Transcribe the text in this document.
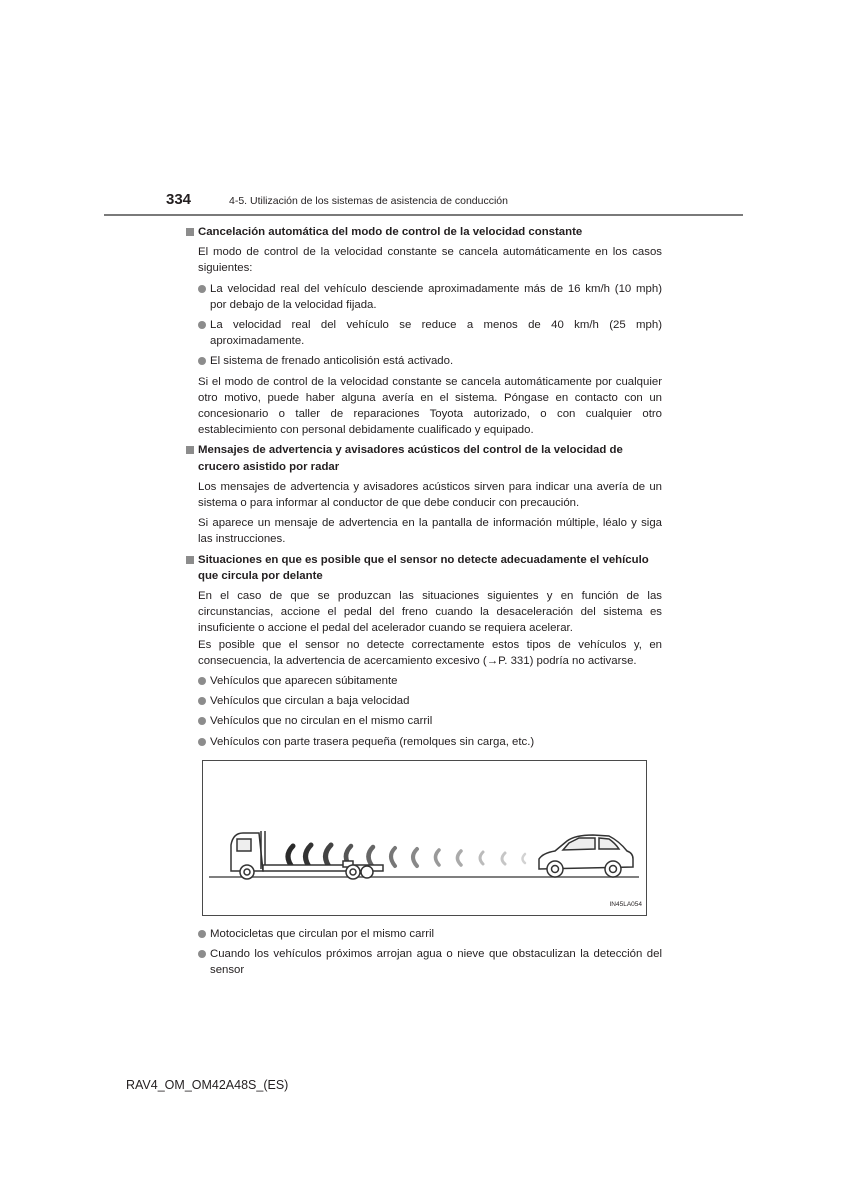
334	4-5. Utilización de los sistemas de asistencia de conducción
Cancelación automática del modo de control de la velocidad constante
El modo de control de la velocidad constante se cancela automáticamente en los casos siguientes:
La velocidad real del vehículo desciende aproximadamente más de 16 km/h (10 mph) por debajo de la velocidad fijada.
La velocidad real del vehículo se reduce a menos de 40 km/h (25 mph) aproximadamente.
El sistema de frenado anticolisión está activado.
Si el modo de control de la velocidad constante se cancela automáticamente por cualquier otro motivo, puede haber alguna avería en el sistema. Póngase en contacto con un concesionario o taller de reparaciones Toyota autorizado, o con cualquier otro establecimiento con personal debidamente cualificado y equipado.
Mensajes de advertencia y avisadores acústicos del control de la velocidad de crucero asistido por radar
Los mensajes de advertencia y avisadores acústicos sirven para indicar una avería de un sistema o para informar al conductor de que debe conducir con precaución.
Si aparece un mensaje de advertencia en la pantalla de información múltiple, léalo y siga las instrucciones.
Situaciones en que es posible que el sensor no detecte adecuadamente el vehículo que circula por delante
En el caso de que se produzcan las situaciones siguientes y en función de las circunstancias, accione el pedal del freno cuando la desaceleración del sistema es insuficiente o accione el pedal del acelerador cuando se requiera acelerar.
Es posible que el sensor no detecte correctamente estos tipos de vehículos y, en consecuencia, la advertencia de acercamiento excesivo (→P. 331) podría no activarse.
Vehículos que aparecen súbitamente
Vehículos que circulan a baja velocidad
Vehículos que no circulan en el mismo carril
Vehículos con parte trasera pequeña (remolques sin carga, etc.)
IN45LA054
Motocicletas que circulan por el mismo carril
Cuando los vehículos próximos arrojan agua o nieve que obstaculizan la detección del sensor
RAV4_OM_OM42A48S_(ES)
